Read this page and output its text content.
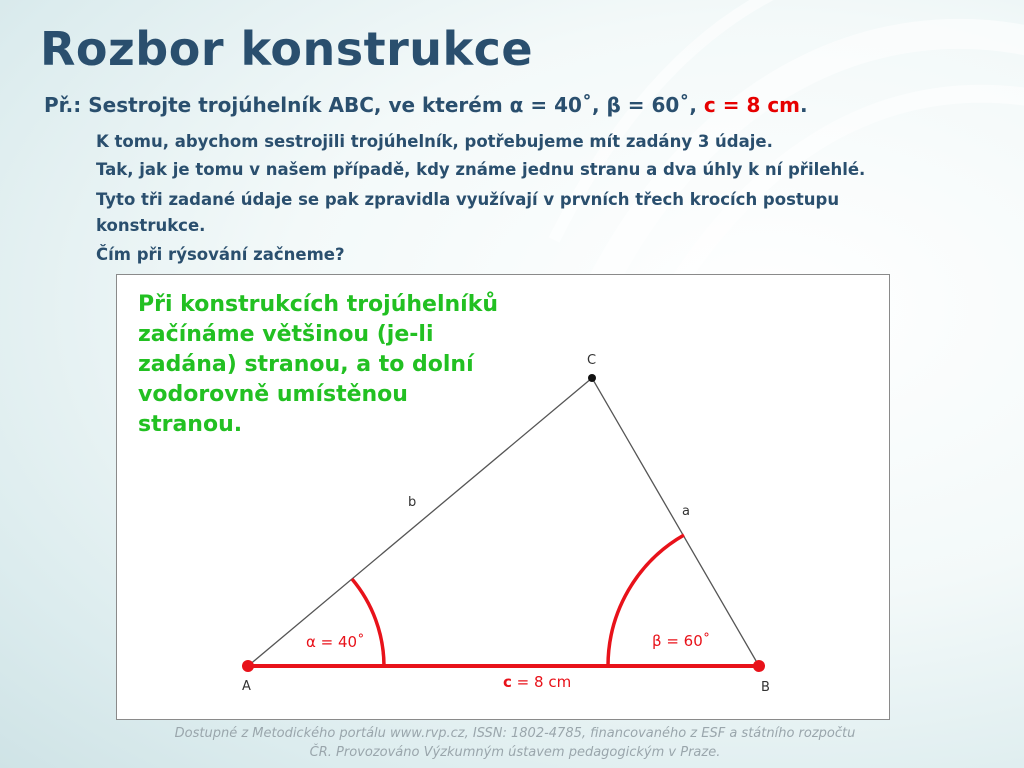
Rozbor konstrukce
Př.: Sestrojte trojúhelník ABC, ve kterém α = 40˚, β = 60˚, c = 8 cm.
K tomu, abychom sestrojili trojúhelník, potřebujeme mít zadány 3 údaje.
Tak, jak je tomu v našem případě, kdy známe jednu stranu a dva úhly k ní přilehlé.
Tyto tři zadané údaje se pak zpravidla využívají v prvních třech krocích postupu
konstrukce.
Čím při rýsování začneme?
A	B
C
b
a
α = 40˚	β = 60˚
c = 8 cm
Při konstrukcích trojúhelníků
začínáme většinou (je-li
zadána) stranou, a to dolní
vodorovně umístěnou
stranou.
Dostupné z Metodického portálu www.rvp.cz, ISSN: 1802-4785, financovaného z ESF a státního rozpočtu
ČR. Provozováno Výzkumným ústavem pedagogickým v Praze.
